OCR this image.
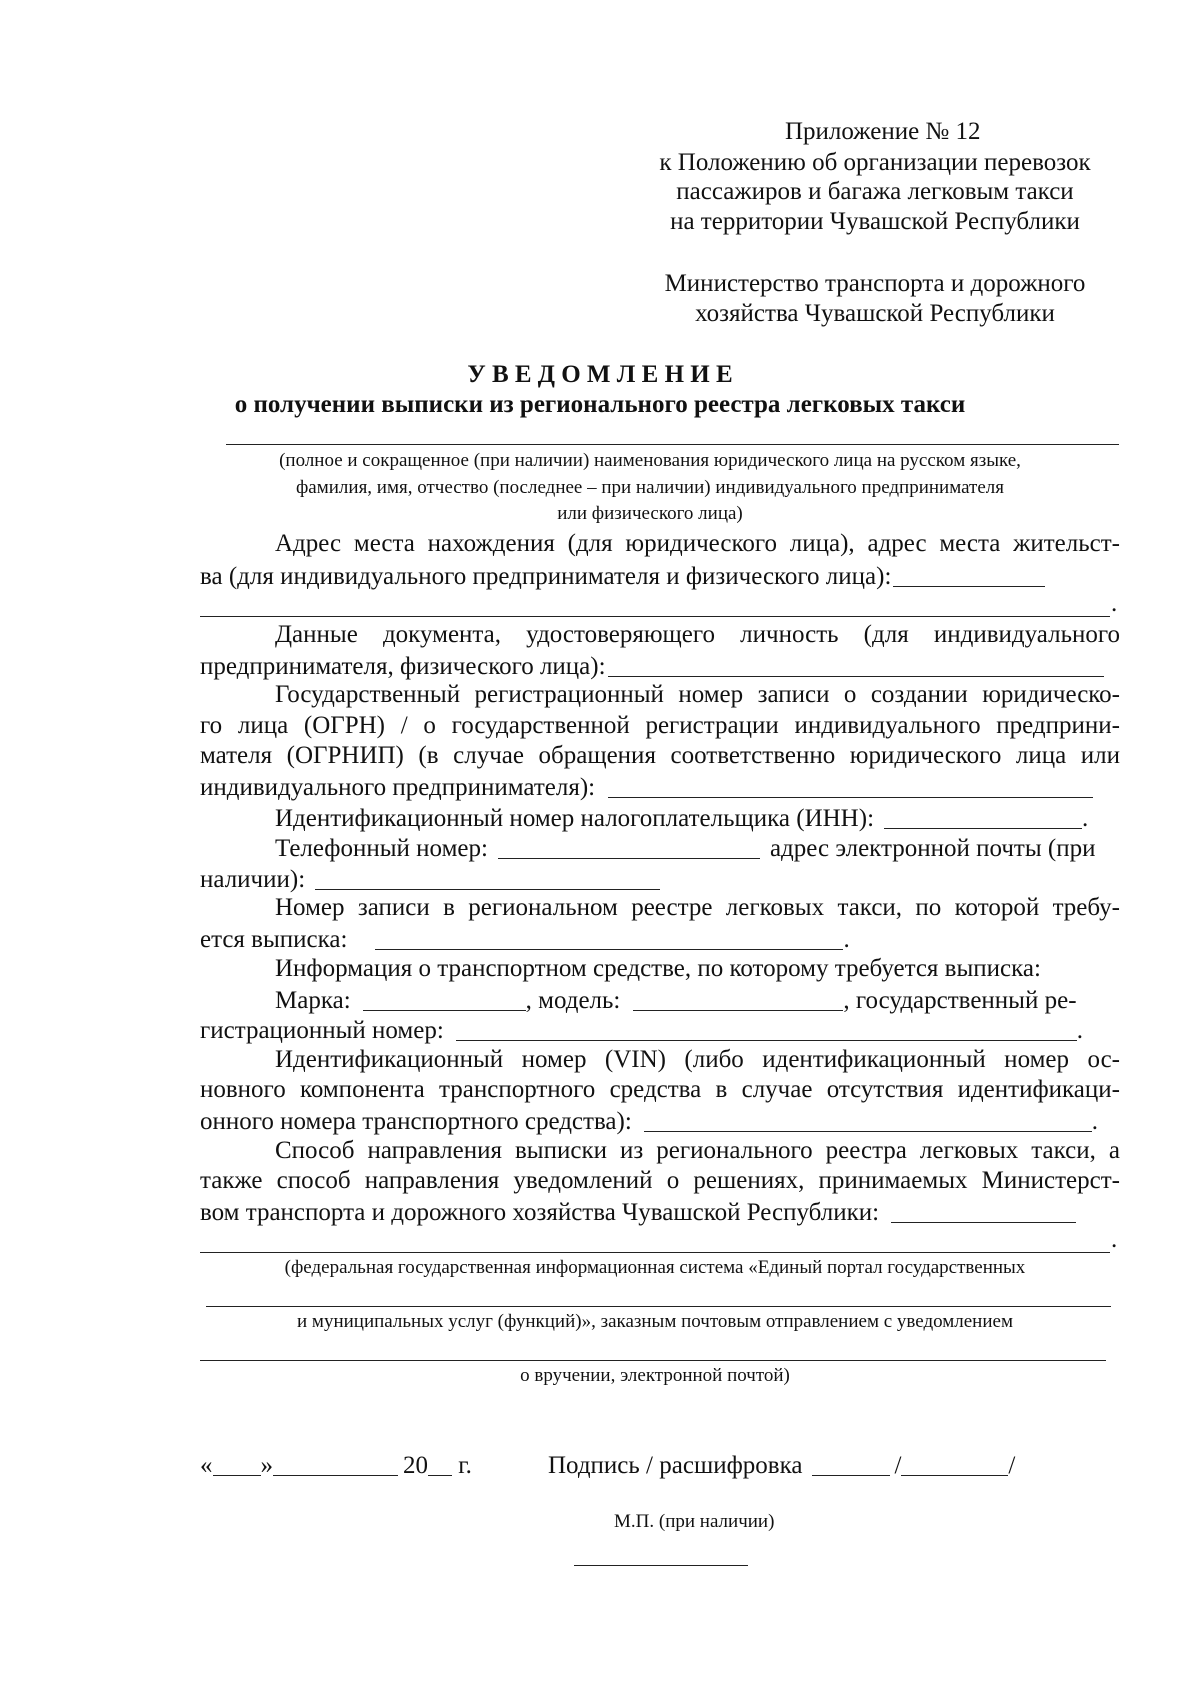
Приложение № 12
к Положению об организации перевозок
пассажиров и багажа легковым такси
на территории Чувашской Республики
Министерство транспорта и дорожного
хозяйства Чувашской Республики
У В Е Д О М Л Е Н И Е
о получении выписки из регионального реестра легковых такси
(полное и сокращенное (при наличии) наименования юридического лица на русском языке,
фамилия, имя, отчество (последнее – при наличии) индивидуального предпринимателя
или физического лица)
Адрес места нахождения (для юридического лица), адрес места жительст-
ва (для индивидуального предпринимателя и физического лица):
.
Данные документа, удостоверяющего личность (для индивидуального
предпринимателя, физического лица):
Государственный регистрационный номер записи о создании юридическо-
го лица (ОГРН) / о государственной регистрации индивидуального предприни-
мателя (ОГРНИП) (в случае обращения соответственно юридического лица или
индивидуального предпринимателя):
Идентификационный номер налогоплательщика (ИНН):	.
Телефонный номер:	адрес электронной почты (при
наличии):
Номер записи в региональном реестре легковых такси, по которой требу-
ется выписка:	.
Информация о транспортном средстве, по которому требуется выписка:
Марка:	, модель:	, государственный ре-
гистрационный номер:	.
Идентификационный номер (VIN) (либо идентификационный номер ос-
новного компонента транспортного средства в случае отсутствия идентификаци-
онного номера транспортного средства):	.
Способ направления выписки из регионального реестра легковых такси, а
также способ направления уведомлений о решениях, принимаемых Министерст-
вом транспорта и дорожного хозяйства Чувашской Республики:
.
(федеральная государственная информационная система «Единый портал государственных
и муниципальных услуг (функций)», заказным почтовым отправлением с уведомлением
о вручении, электронной почтой)
« »	20 г.	Подпись / расшифровка	/	/
М.П. (при наличии)
